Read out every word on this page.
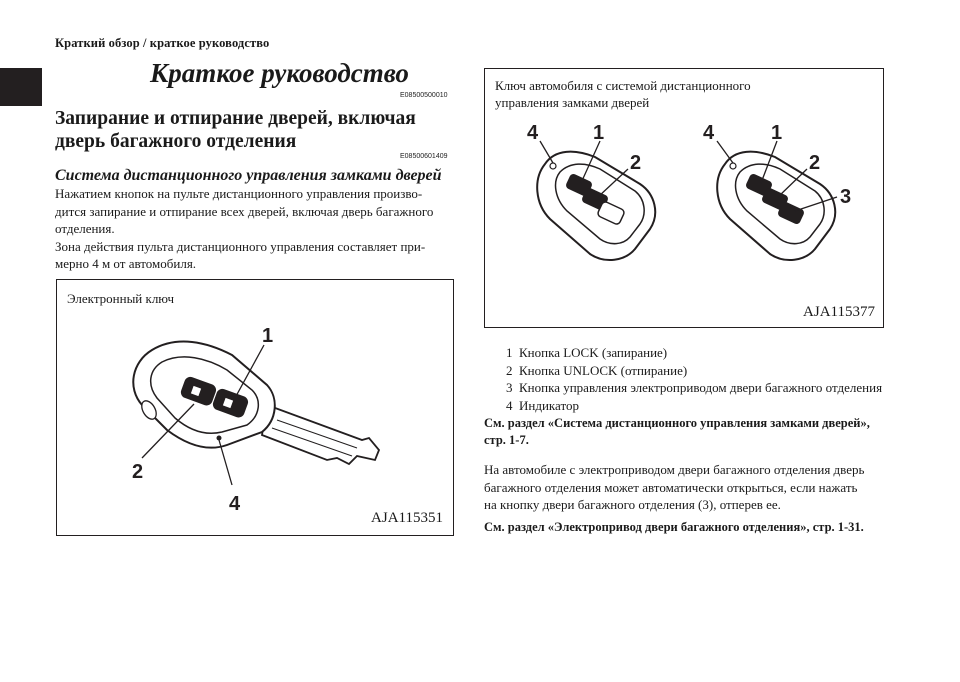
Краткий обзор / краткое руководство
Краткое руководство
E08500500010
Запирание и отпирание дверей, включая дверь багажного отделения
E08500601409
Система дистанционного управления замками дверей
Нажатием кнопок на пульте дистанционного управления произво-
дится запирание и отпирание всех дверей, включая дверь багажного
отделения.
Зона действия пульта дистанционного управления составляет при-
мерно 4 м от автомобиля.
Электронный ключ
1
2
4
AJA115351
Ключ автомобиля с системой дистанционного
управления замками дверей
4	1
2
4	1
2
3
AJA115377
1 Кнопка LOCK (запирание)
2 Кнопка UNLOCK (отпирание)
3 Кнопка управления электроприводом двери багажного отделения
4 Индикатор
См. раздел «Система дистанционного управления замками дверей»,
стр. 1-7.
На автомобиле с электроприводом двери багажного отделения дверь
багажного отделения может автоматически открыться, если нажать
на кнопку двери багажного отделения (3), отперев ее.
См. раздел «Электропривод двери багажного отделения», стр. 1-31.
